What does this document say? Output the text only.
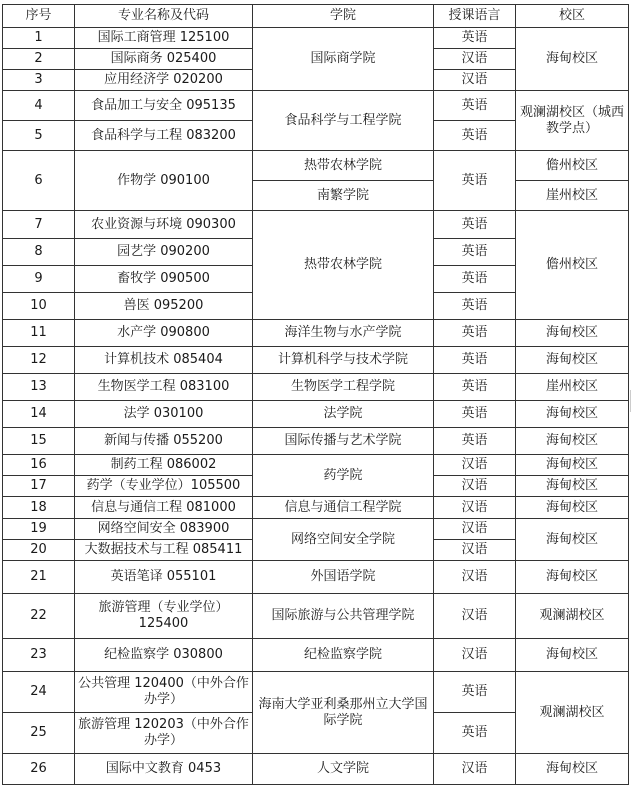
序号	专业名称及代码	学院	授课语言	校区
1	国际工商管理 125100	国际商学院	英语	海甸校区
2	国际商务 025400		汉语	
3	应用经济学 020200		汉语	
4	食品加工与安全 095135	食品科学与工程学院	英语	观澜湖校区（城西教学点）
5	食品科学与工程 083200		英语	
6	作物学 090100	热带农林学院	英语	儋州校区
		南繁学院		崖州校区
7	农业资源与环境 090300	热带农林学院	英语	儋州校区
8	园艺学 090200		英语	
9	畜牧学 090500		英语	
10	兽医 095200		英语	
11	水产学 090800	海洋生物与水产学院	英语	海甸校区
12	计算机技术 085404	计算机科学与技术学院	英语	海甸校区
13	生物医学工程 083100	生物医学工程学院	英语	崖州校区
14	法学 030100	法学院	英语	海甸校区
15	新闻与传播 055200	国际传播与艺术学院	英语	海甸校区
16	制药工程 086002	药学院	汉语	海甸校区
17	药学（专业学位）105500		汉语	海甸校区
18	信息与通信工程 081000	信息与通信工程学院	汉语	海甸校区
19	网络空间安全 083900	网络空间安全学院	汉语	海甸校区
20	大数据技术与工程 085411		汉语	
21	英语笔译 055101	外国语学院	汉语	海甸校区
22	旅游管理（专业学位）125400	国际旅游与公共管理学院	汉语	观澜湖校区
23	纪检监察学 030800	纪检监察学院	汉语	海甸校区
24	公共管理 120400（中外合作办学）	海南大学亚利桑那州立大学国际学院	英语	观澜湖校区
25	旅游管理 120203（中外合作办学）		英语	
26	国际中文教育 0453	人文学院	汉语	海甸校区
